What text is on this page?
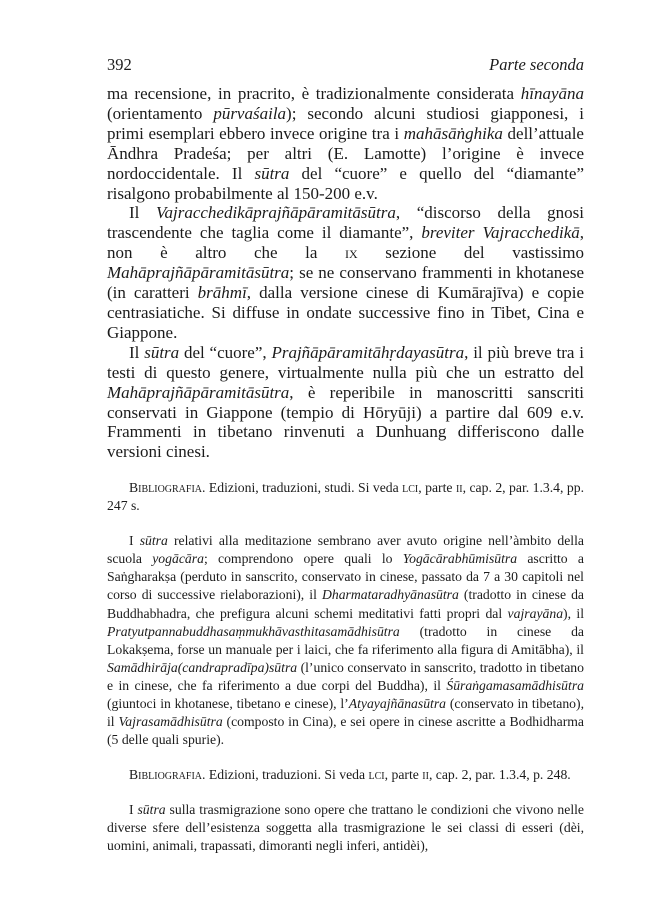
392	Parte seconda

ma recensione, in pracrito, è tradizionalmente considerata hīnayāna (orientamento pūrvaśaila); secondo alcuni studiosi giapponesi, i primi esemplari ebbero invece origine tra i mahāsāṅghika dell’attuale Āndhra Pradeśa; per altri (E. Lamotte) l’origine è invece nordoccidentale. Il sūtra del “cuore” e quello del “diamante” risalgono probabilmente al 150-200 e.v.

Il Vajracchedikāprajñāpāramitāsūtra, “discorso della gnosi trascendente che taglia come il diamante”, breviter Vajracchedikā, non è altro che la ix sezione del vastissimo Mahāprajñāpāramitāsūtra; se ne conservano frammenti in khotanese (in caratteri brāhmī, dalla versione cinese di Kumārajīva) e copie centrasiatiche. Si diffuse in ondate successive fino in Tibet, Cina e Giappone.

Il sūtra del “cuore”, Prajñāpāramitāhṛdayasūtra, il più breve tra i testi di questo genere, virtualmente nulla più che un estratto del Mahāprajñāpāramitāsūtra, è reperibile in manoscritti sanscriti conservati in Giappone (tempio di Hōryūji) a partire dal 609 e.v. Frammenti in tibetano rinvenuti a Dunhuang differiscono dalle versioni cinesi.

Bibliografia. Edizioni, traduzioni, studi. Si veda lci, parte ii, cap. 2, par. 1.3.4, pp. 247 s.

I sūtra relativi alla meditazione sembrano aver avuto origine nell’àmbito della scuola yogācāra; comprendono opere quali lo Yogācārabhūmisūtra ascritto a Saṅgharakṣa (perduto in sanscrito, conservato in cinese, passato da 7 a 30 capitoli nel corso di successive rielaborazioni), il Dharmataradhyānasūtra (tradotto in cinese da Buddhabhadra, che prefigura alcuni schemi meditativi fatti propri dal vajrayāna), il Pratyutpannabuddhasaṃmukhāvasthitasamādhisūtra (tradotto in cinese da Lokakṣema, forse un manuale per i laici, che fa riferimento alla figura di Amitābha), il Samādhirāja(candrapradīpa)sūtra (l’unico conservato in sanscrito, tradotto in tibetano e in cinese, che fa riferimento a due corpi del Buddha), il Śūraṅgamasamādhisūtra (giuntoci in khotanese, tibetano e cinese), l’Atyayajñānasūtra (conservato in tibetano), il Vajrasamādhisūtra (composto in Cina), e sei opere in cinese ascritte a Bodhidharma (5 delle quali spurie).

Bibliografia. Edizioni, traduzioni. Si veda lci, parte ii, cap. 2, par. 1.3.4, p. 248.

I sūtra sulla trasmigrazione sono opere che trattano le condizioni che vivono nelle diverse sfere dell’esistenza soggetta alla trasmigrazione le sei classi di esseri (dèi, uomini, animali, trapassati, dimoranti negli inferi, antidèi),
